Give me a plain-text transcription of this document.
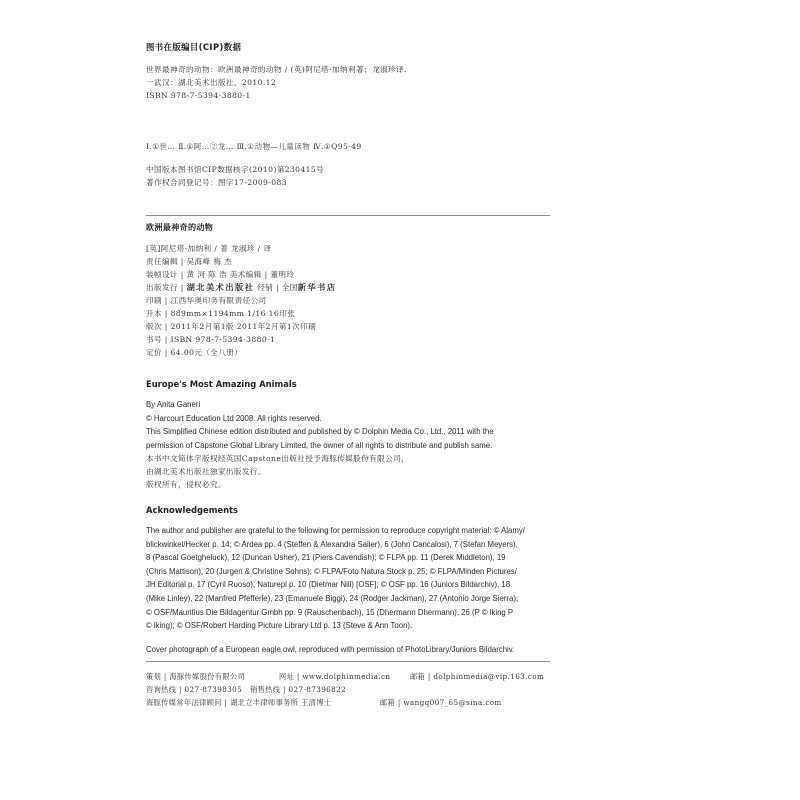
图书在版编目(CIP)数据
世界最神奇的动物：欧洲最神奇的动物 / (英)阿尼塔·加纳利著；龙淑珍译.
一武汉：湖北美术出版社，2010.12
ISBN 978-7-5394-3880-1
Ⅰ.①世… Ⅱ.①阿…②龙… Ⅲ.①动物—儿童读物 Ⅳ.①Q95-49
中国版本图书馆CIP数据核字(2010)第230415号
著作权合同登记号：图字17-2009-083
欧洲最神奇的动物
[英]阿尼塔·加纳利 / 著 龙淑珍 / 译
责任编辑 | 吴海峰 梅 杰
装帧设计 | 黄 河 陈 浩 美术编辑 | 董明玲
出版发行 | 湖北美术出版社 经销 | 全国新华书店
印刷 | 江西华奥印务有限责任公司
开本 | 889mm×1194mm 1/16 16印张
版次 | 2011年2月第1版 2011年2月第1次印刷
书号 | ISBN 978-7-5394-3880-1
定价 | 64.00元（全八册）
Europe's Most Amazing Animals
By Anita Ganeri
© Harcourt Education Ltd 2008. All rights reserved.
This Simplified Chinese edition distributed and published by © Dolphin Media Co., Ltd., 2011 with the
permission of Capstone Global Library Limited, the owner of all rights to distribute and publish same.
本书中文简体字版权经英国Capstone出版社授予海豚传媒股份有限公司，
由湖北美术出版社独家出版发行。
版权所有，侵权必究。
Acknowledgements
The author and publisher are grateful to the following for permission to reproduce copyright material: © Alamy/
blickwinkel/Hecker p. 14; © Ardea pp. 4 (Steffen & Alexandra Sailer), 6 (John Cancalosi), 7 (Stefan Meyers),
8 (Pascal Goetgheluck), 12 (Duncan Usher), 21 (Piers Cavendish); © FLPA pp. 11 (Derek Middleton), 19
(Chris Mattison), 20 (Jurgen & Christine Sohns); © FLPA/Foto Natura Stock p. 25; © FLPA/Minden Pictures/
JH Editorial p. 17 (Cyril Ruoso); Naturepl p. 10 (Dietmar Nill) [OSF]; © OSF pp. 16 (Juniors Bildarchiv), 18
(Mike Linley), 22 (Manfred Pfefferle), 23 (Emanuele Biggi), 24 (Rodger Jackman), 27 (Antonio Jorge Sierra);
© OSF/Mauritius Die Bildagentur Gmbh pp. 9 (Rauschenbach), 15 (Dhermann Dhermann), 26 (P © lking P
© lking); © OSF/Robert Harding Picture Library Ltd p. 13 (Steve & Ann Toon).
Cover photograph of a European eagle owl, reproduced with permission of PhotoLibrary/Juniors Bildarchiv.
策划 | 海豚传媒股份有限公司	网址 | www.dolphinmedia.cn	邮箱 | dolphinmedia@vip.163.com
咨询热线 | 027-87398305 销售热线 | 027-87396822
海豚传媒常年法律顾问 | 湖北立丰律师事务所 王清博士	邮箱 | wangq007_65@sina.com
